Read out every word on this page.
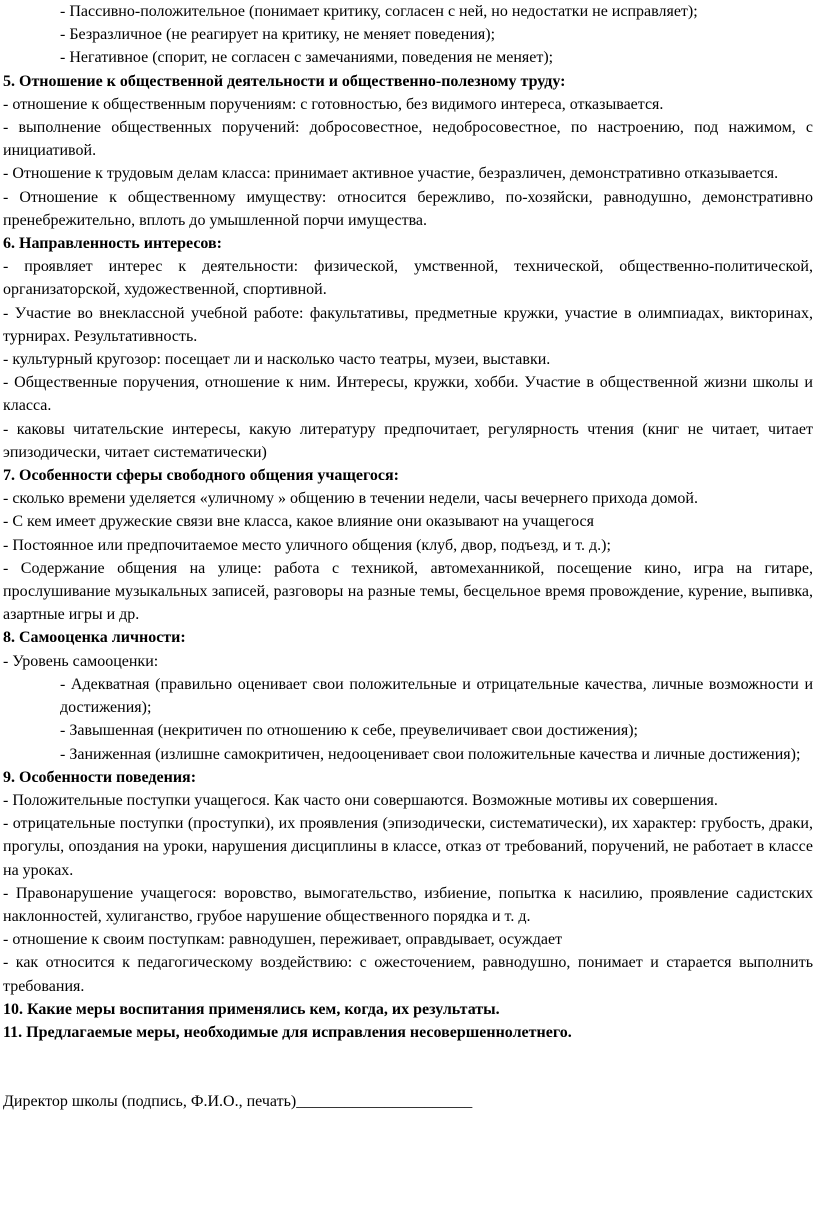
- Пассивно-положительное (понимает критику, согласен с ней, но недостатки не исправляет);

- Безразличное (не реагирует на критику, не меняет поведения);

- Негативное (спорит, не согласен с замечаниями, поведения не меняет);

5. Отношение к общественной деятельности и общественно-полезному труду:

- отношение к общественным поручениям: с готовностью, без видимого интереса, отказывается.

- выполнение общественных поручений: добросовестное, недобросовестное, по настроению, под нажимом, с инициативой.

- Отношение к трудовым делам класса: принимает активное участие, безразличен, демонстративно отказывается.

- Отношение к общественному имуществу: относится бережливо, по-хозяйски, равнодушно, демонстративно пренебрежительно, вплоть до умышленной порчи имущества.

6. Направленность интересов:

- проявляет интерес к деятельности: физической, умственной, технической, общественно-политической, организаторской, художественной, спортивной.

- Участие во внеклассной учебной работе: факультативы, предметные кружки, участие в олимпиадах, викторинах, турнирах. Результативность.

- культурный кругозор: посещает ли и насколько часто театры, музеи, выставки.

- Общественные поручения, отношение к ним. Интересы, кружки, хобби. Участие в общественной жизни школы и класса.

- каковы читательские интересы, какую литературу предпочитает, регулярность чтения (книг не читает, читает эпизодически, читает систематически)

7. Особенности сферы свободного общения учащегося:

- сколько времени уделяется «уличному » общению в течении недели, часы вечернего прихода домой.

- С кем имеет дружеские связи вне класса, какое влияние они оказывают на учащегося

- Постоянное или предпочитаемое место уличного общения (клуб, двор, подъезд, и т. д.);

- Содержание общения на улице: работа с техникой, автомеханникой, посещение кино, игра на гитаре, прослушивание музыкальных записей, разговоры на разные темы, бесцельное время провождение, курение, выпивка, азартные игры и др.

8. Самооценка личности:

- Уровень самооценки:

- Адекватная (правильно оценивает свои положительные и отрицательные качества, личные возможности и достижения);

- Завышенная (некритичен по отношению к себе, преувеличивает свои достижения);

- Заниженная (излишне самокритичен, недооценивает свои положительные качества и личные достижения);

9. Особенности поведения:

- Положительные поступки учащегося. Как часто они совершаются. Возможные мотивы их совершения.

- отрицательные поступки (проступки), их проявления (эпизодически, систематически), их характер: грубость, драки, прогулы, опоздания на уроки, нарушения дисциплины в классе, отказ от требований, поручений, не работает в классе на уроках.

- Правонарушение учащегося: воровство, вымогательство, избиение, попытка к насилию, проявление садистских наклонностей, хулиганство, грубое нарушение общественного порядка и т. д.

- отношение к своим поступкам: равнодушен, переживает, оправдывает, осуждает

- как относится к педагогическому воздействию: с ожесточением, равнодушно, понимает и старается выполнить требования.

10. Какие меры воспитания применялись кем, когда, их результаты.

11. Предлагаемые меры, необходимые для исправления несовершеннолетнего.

Директор школы (подпись, Ф.И.О., печать)______________________
